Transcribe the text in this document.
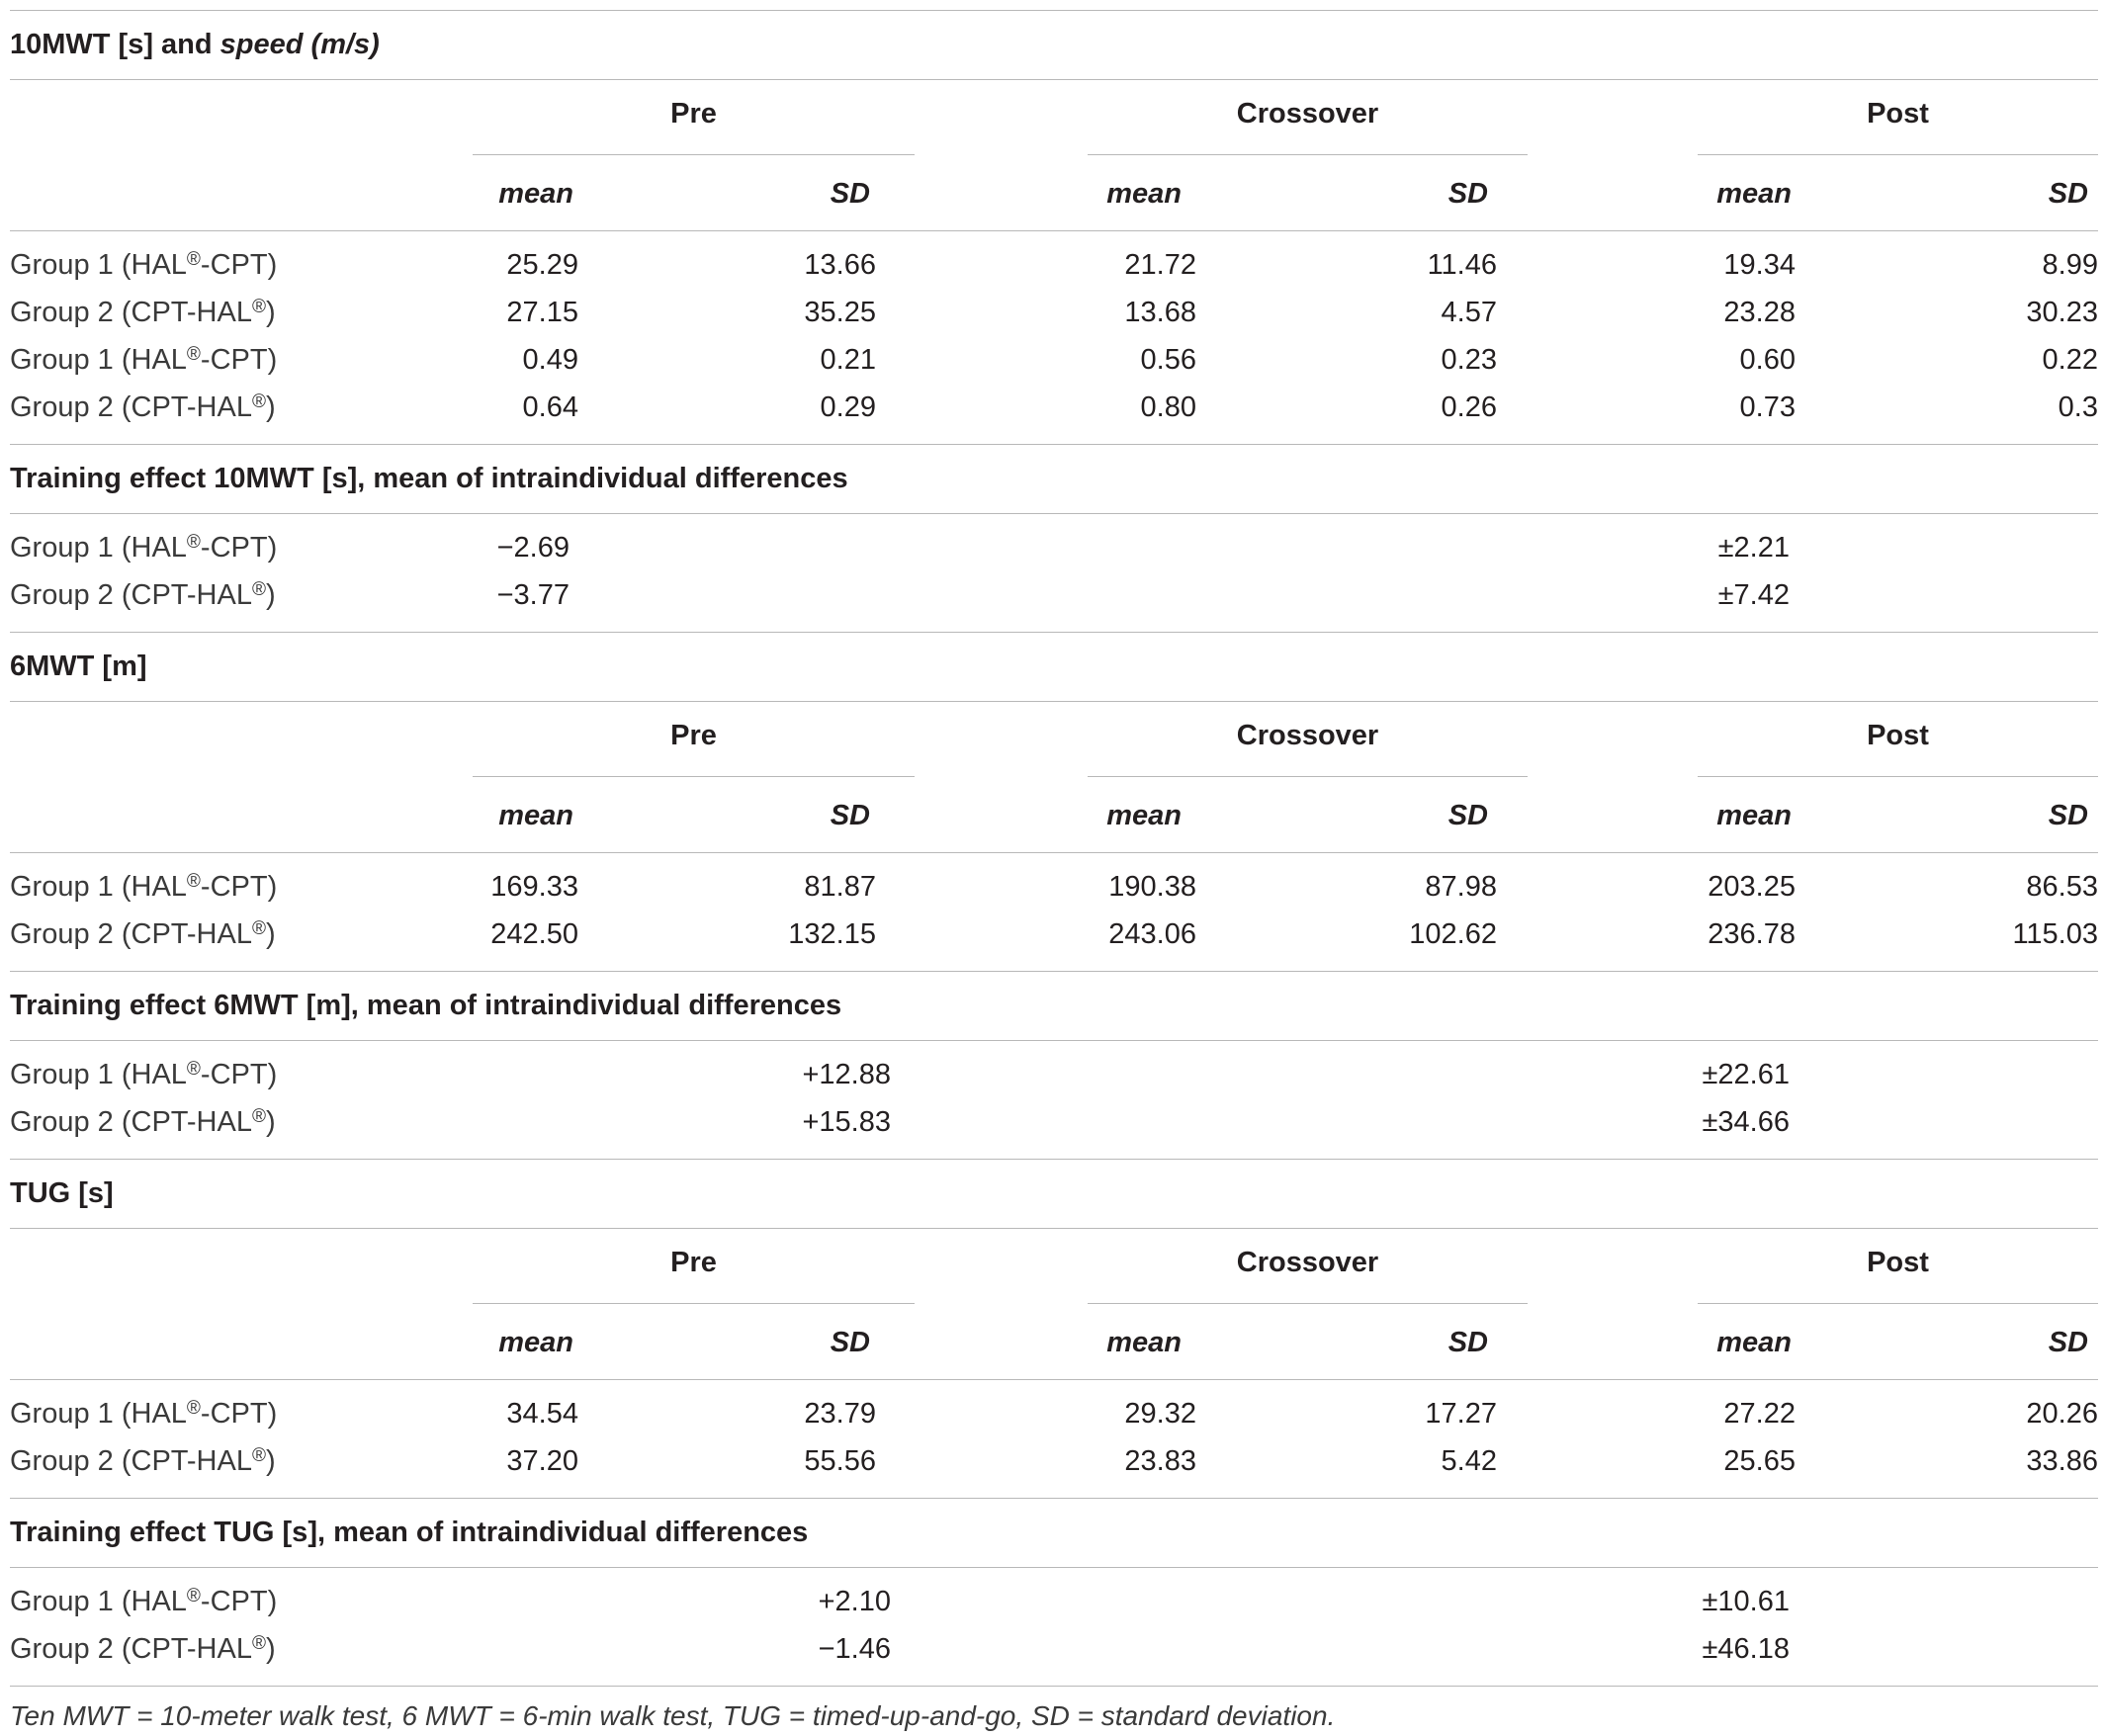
10MWT [s] and speed (m/s)
Pre	Crossover	Post
mean	SD	mean	SD	mean	SD
Group 1 (HAL®-CPT)	25.29	13.66	21.72	11.46	19.34	8.99
Group 2 (CPT-HAL®)	27.15	35.25	13.68	4.57	23.28	30.23
Group 1 (HAL®-CPT)	0.49	0.21	0.56	0.23	0.60	0.22
Group 2 (CPT-HAL®)	0.64	0.29	0.80	0.26	0.73	0.3
Training effect 10MWT [s], mean of intraindividual differences
Group 1 (HAL®-CPT)	−2.69	±2.21
Group 2 (CPT-HAL®)	−3.77	±7.42
6MWT [m]
Pre	Crossover	Post
mean	SD	mean	SD	mean	SD
Group 1 (HAL®-CPT)	169.33	81.87	190.38	87.98	203.25	86.53
Group 2 (CPT-HAL®)	242.50	132.15	243.06	102.62	236.78	115.03
Training effect 6MWT [m], mean of intraindividual differences
Group 1 (HAL®-CPT)	+12.88	±22.61
Group 2 (CPT-HAL®)	+15.83	±34.66
TUG [s]
Pre	Crossover	Post
mean	SD	mean	SD	mean	SD
Group 1 (HAL®-CPT)	34.54	23.79	29.32	17.27	27.22	20.26
Group 2 (CPT-HAL®)	37.20	55.56	23.83	5.42	25.65	33.86
Training effect TUG [s], mean of intraindividual differences
Group 1 (HAL®-CPT)	+2.10	±10.61
Group 2 (CPT-HAL®)	−1.46	±46.18
Ten MWT = 10-meter walk test, 6 MWT = 6-min walk test, TUG = timed-up-and-go, SD = standard deviation.
